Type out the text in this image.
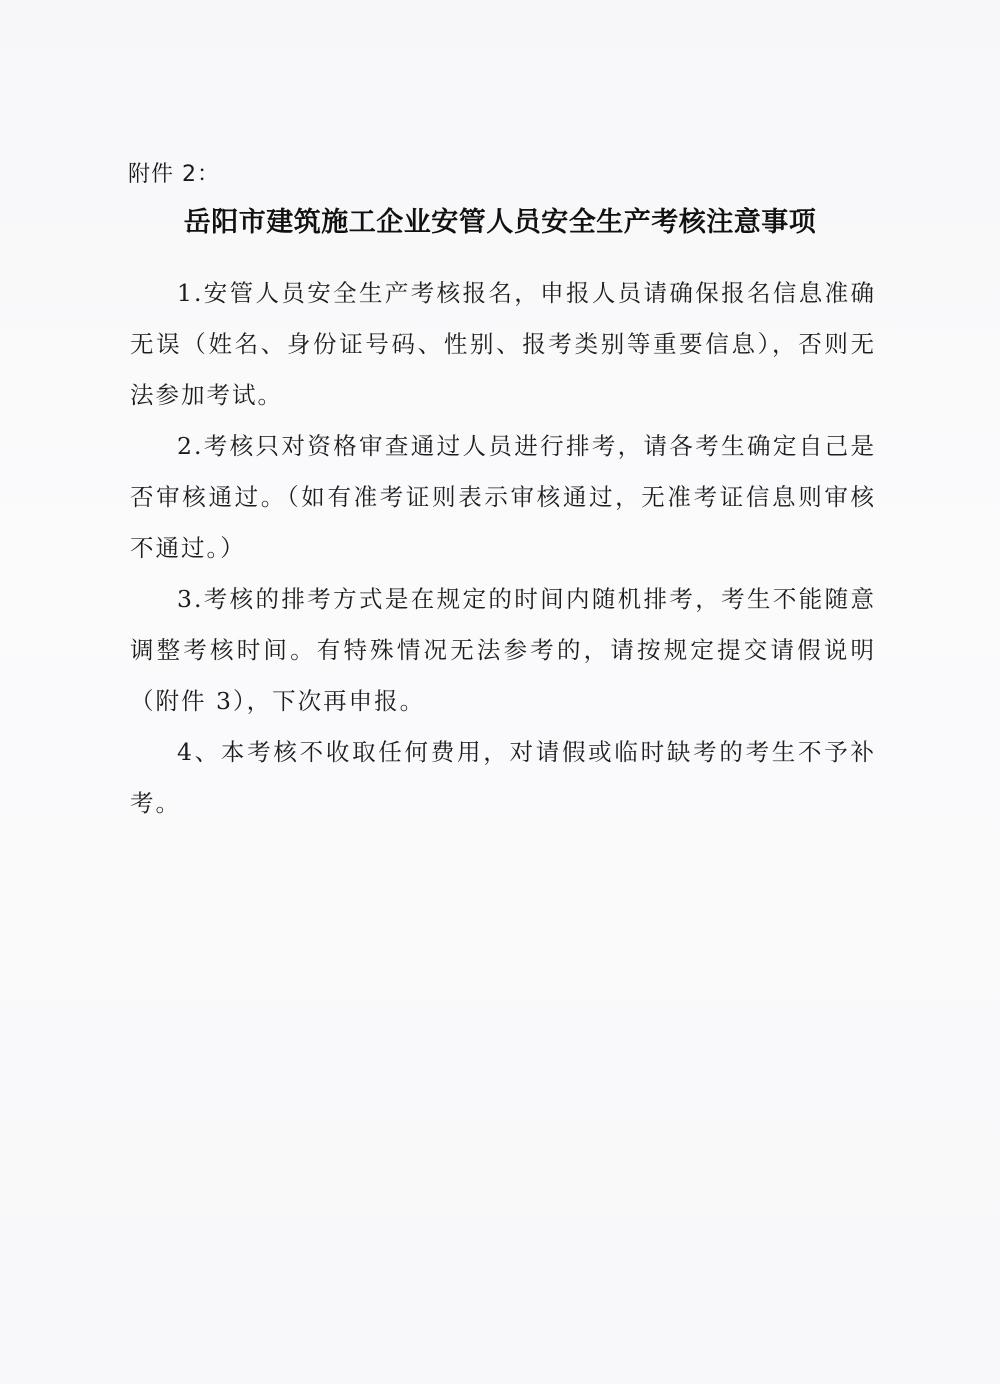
附件 2：
岳阳市建筑施工企业安管人员安全生产考核注意事项

1.安管人员安全生产考核报名，申报人员请确保报名信息准确无误（姓名、身份证号码、性别、报考类别等重要信息），否则无法参加考试。

2.考核只对资格审查通过人员进行排考，请各考生确定自己是否审核通过。（如有准考证则表示审核通过，无准考证信息则审核不通过。）

3.考核的排考方式是在规定的时间内随机排考，考生不能随意调整考核时间。有特殊情况无法参考的，请按规定提交请假说明（附件 3），下次再申报。

4、本考核不收取任何费用，对请假或临时缺考的考生不予补考。
